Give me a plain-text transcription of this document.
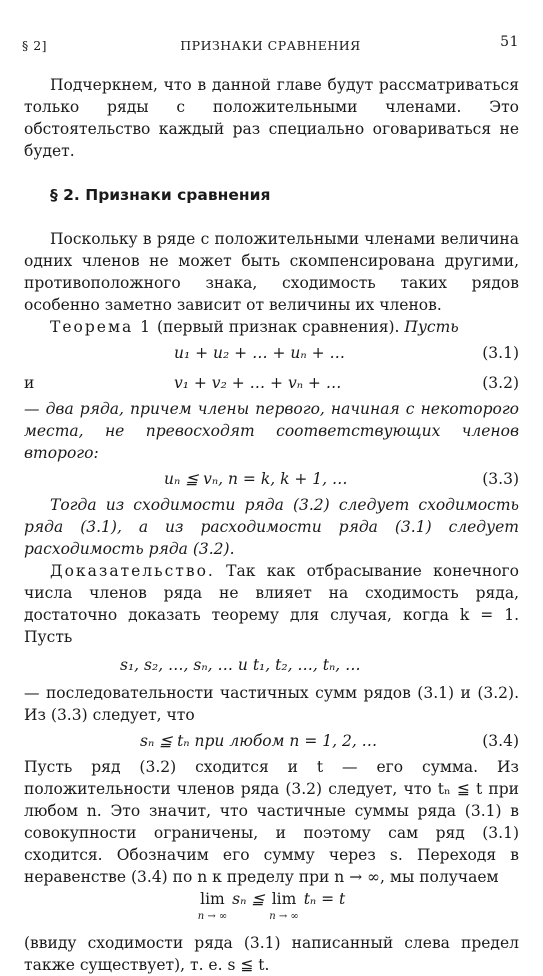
§ 2]	ПРИЗНАКИ СРАВНЕНИЯ	51

Подчеркнем, что в данной главе будут рассматриваться только ряды с положительными членами. Это обстоятельство каждый раз специально оговариваться не будет.

§ 2. Признаки сравнения

Поскольку в ряде с положительными членами величина одних членов не может быть скомпенсирована другими, противоположного знака, сходимость таких рядов особенно заметно зависит от величины их членов.

Теорема 1 (первый признак сравнения). Пусть

u₁ + u₂ + … + uₙ + …	(3.1)
и	v₁ + v₂ + … + vₙ + …	(3.2)

— два ряда, причем члены первого, начиная с некоторого места, не превосходят соответствующих членов второго:

uₙ ≦ vₙ, n = k, k + 1, …	(3.3)

Тогда из сходимости ряда (3.2) следует сходимость ряда (3.1), а из расходимости ряда (3.1) следует расходимость ряда (3.2).

Доказательство. Так как отбрасывание конечного числа членов ряда не влияет на сходимость ряда, достаточно доказать теорему для случая, когда k = 1. Пусть

s₁, s₂, …, sₙ, … и t₁, t₂, …, tₙ, …

— последовательности частичных сумм рядов (3.1) и (3.2). Из (3.3) следует, что

sₙ ≦ tₙ при любом n = 1, 2, …	(3.4)

Пусть ряд (3.2) сходится и t — его сумма. Из положительности членов ряда (3.2) следует, что tₙ ≦ t при любом n. Это значит, что частичные суммы ряда (3.1) в совокупности ограничены, и поэтому сам ряд (3.1) сходится. Обозначим его сумму через s. Переходя в неравенстве (3.4) по n к пределу при n → ∞, мы получаем

lim
n → ∞
sₙ ≦ lim
n → ∞
tₙ = t

(ввиду сходимости ряда (3.1) написанный слева предел также существует), т. е. s ≦ t.
